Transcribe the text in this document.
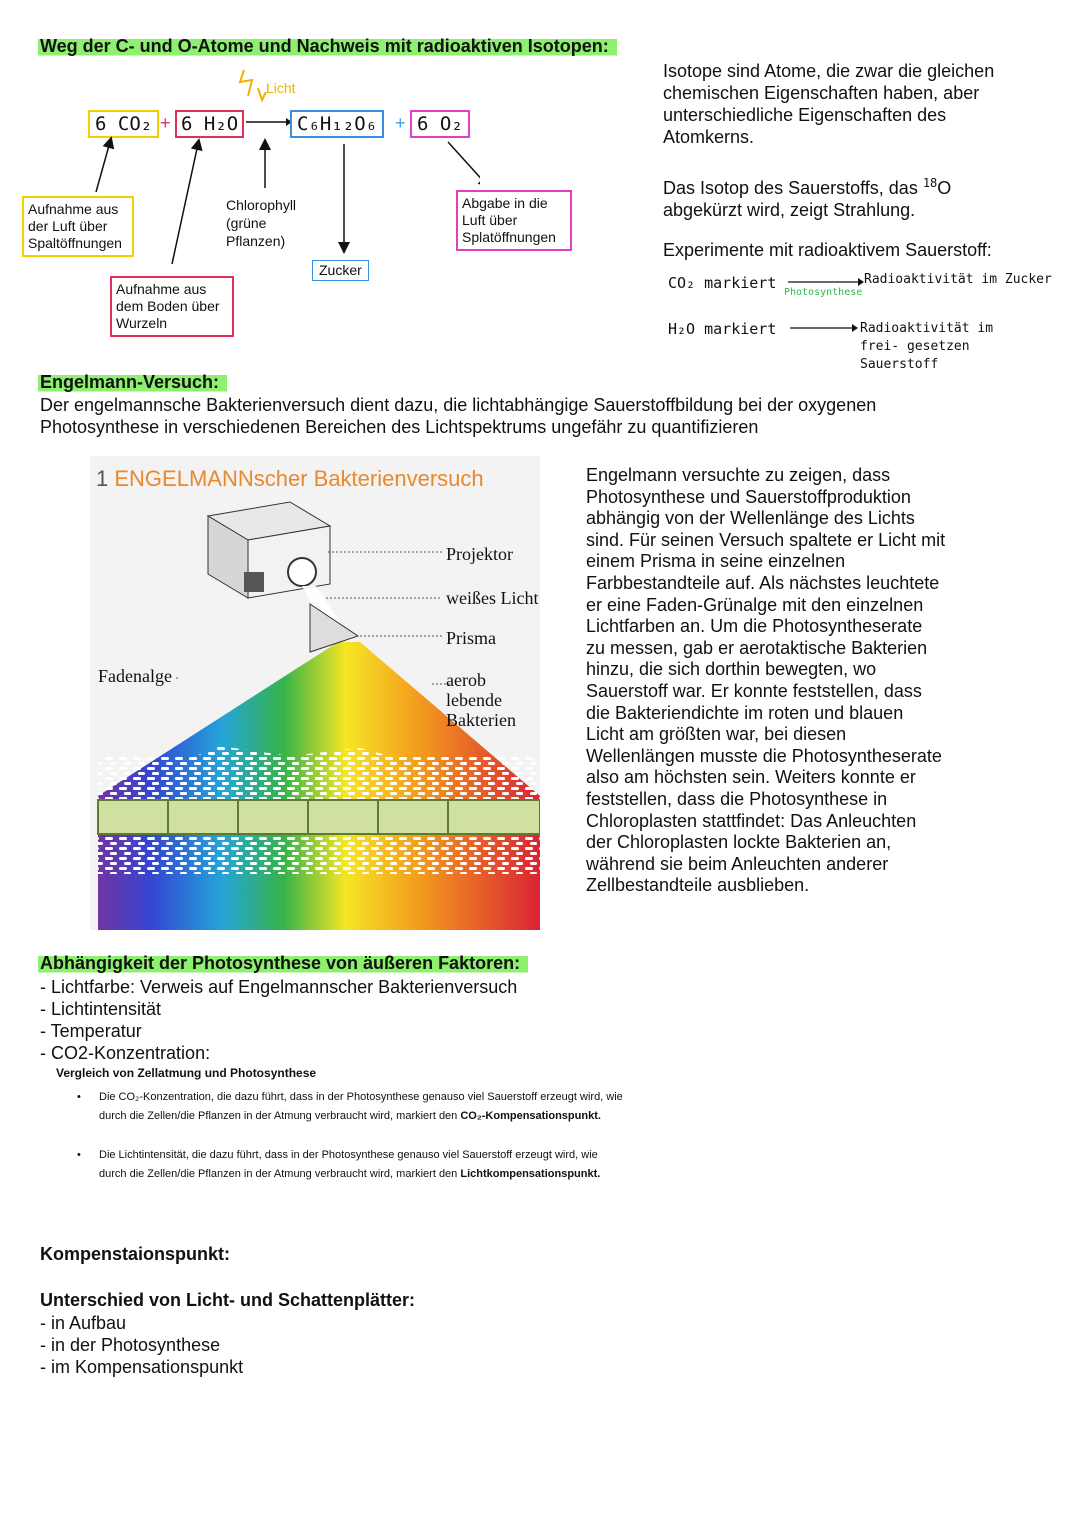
Weg der C- und O-Atome und Nachweis mit radioaktiven Isotopen:
Licht
6 CO₂ + 6 H₂O → C₆H₁₂O₆ + 6 O₂
Aufnahme aus der Luft über Spaltöffnungen
Aufnahme aus dem Boden über Wurzeln
Chlorophyll (grüne Pflanzen)
Zucker
Abgabe in die Luft über Splatöffnungen
Isotope sind Atome, die zwar die gleichen chemischen Eigenschaften haben, aber unterschiedliche Eigenschaften des Atomkerns.
Das Isotop des Sauerstoffs, das $^{18}$O
abgekürzt wird, zeigt Strahlung.
Experimente mit radioaktivem Sauerstoff:
CO₂ markiert
Photosynthese
Radioaktivität im Zucker
H₂O markiert	Radioaktivität im frei- gesetzen Sauerstoff
Engelmann-Versuch:
Der engelmannsche Bakterienversuch dient dazu, die lichtabhängige Sauerstoffbildung bei der oxygenen Photosynthese in verschiedenen Bereichen des Lichtspektrums ungefähr zu quantifizieren
1 ENGELMANNscher Bakterienversuch
Projektor
weißes Licht
Prisma
Fadenalge	aerob lebende Bakterien
Engelmann versuchte zu zeigen, dass Photosynthese und Sauerstoffproduktion abhängig von der Wellenlänge des Lichts sind. Für seinen Versuch spaltete er Licht mit einem Prisma in seine einzelnen Farbbestandteile auf. Als nächstes leuchtete er eine Faden-Grünalge mit den einzelnen Lichtfarben an. Um die Photosyntheserate zu messen, gab er aerotaktische Bakterien hinzu, die sich dorthin bewegten, wo Sauerstoff war. Er konnte feststellen, dass die Bakteriendichte im roten und blauen Licht am größten war, bei diesen Wellenlängen musste die Photosyntheserate also am höchsten sein. Weiters konnte er feststellen, dass die Photosynthese in Chloroplasten stattfindet: Das Anleuchten der Chloroplasten lockte Bakterien an, während sie beim Anleuchten anderer Zellbestandteile ausblieben.
Abhängigkeit der Photosynthese von äußeren Faktoren:
- Lichtfarbe: Verweis auf Engelmannscher Bakterienversuch
- Lichtintensität
- Temperatur
- CO2-Konzentration:
Vergleich von Zellatmung und Photosynthese
• Die CO₂-Konzentration, die dazu führt, dass in der Photosynthese genauso viel Sauerstoff erzeugt wird, wie durch die Zellen/die Pflanzen in der Atmung verbraucht wird, markiert den CO₂-Kompensationspunkt.
• Die Lichtintensität, die dazu führt, dass in der Photosynthese genauso viel Sauerstoff erzeugt wird, wie durch die Zellen/die Pflanzen in der Atmung verbraucht wird, markiert den Lichtkompensationspunkt.
Kompenstaionspunkt:
Unterschied von Licht- und Schattenplätter:
- in Aufbau
- in der Photosynthese
- im Kompensationspunkt
